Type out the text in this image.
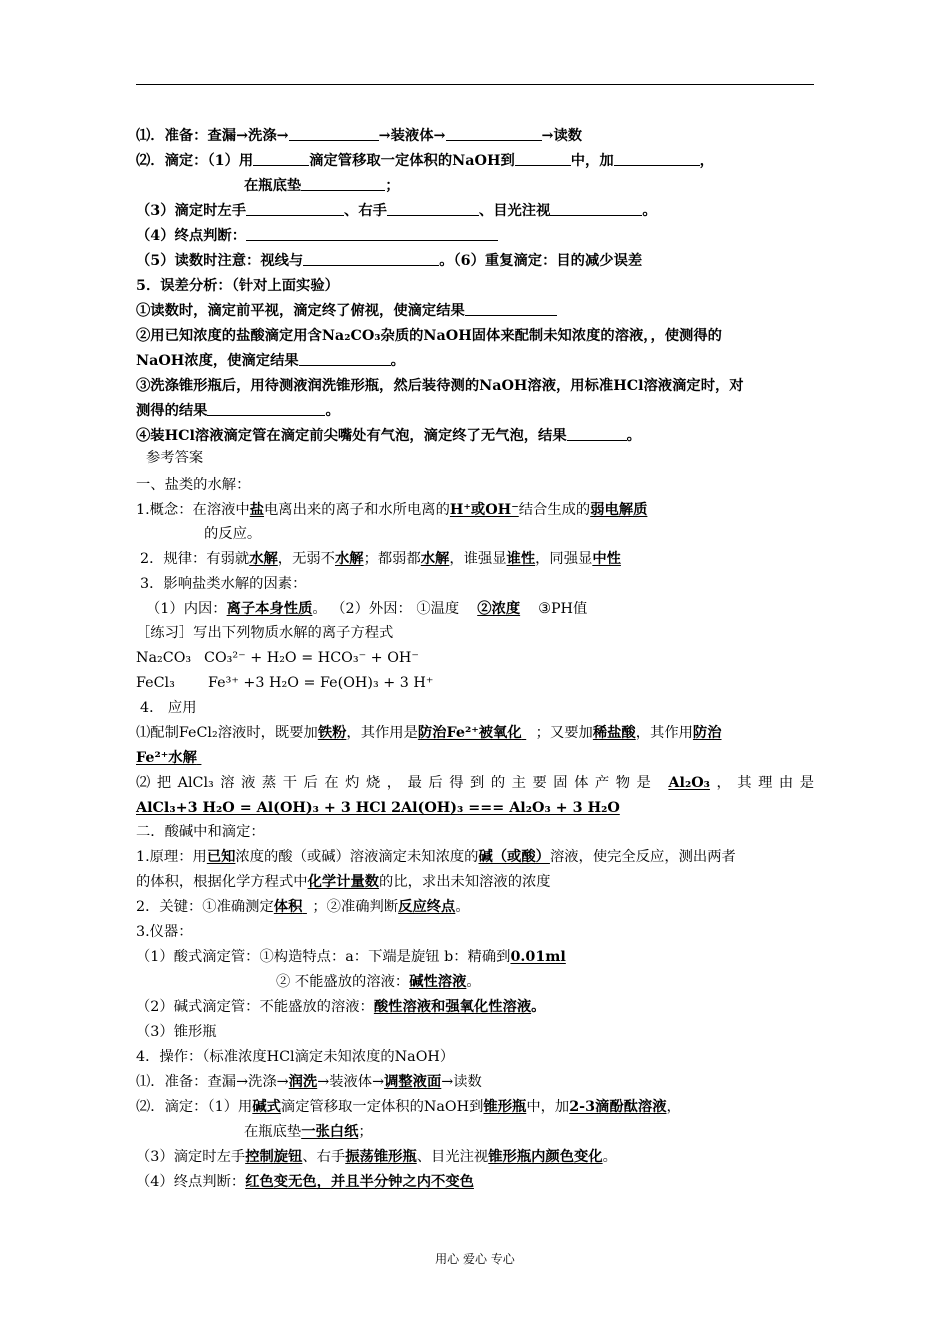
⑴．准备：查漏→洗涤→	→装液体→	→读数
⑵．滴定：（1）用	滴定管移取一定体积的NaOH到	中，加	，
在瓶底垫	；
（3）滴定时左手	、右手	、目光注视	。
（4）终点判断：
（5）读数时注意：视线与	。（6）重复滴定：目的减少误差
5．误差分析：（针对上面实验）
①读数时，滴定前平视，滴定终了俯视，使滴定结果
②用已知浓度的盐酸滴定用含Na₂CO₃杂质的NaOH固体来配制未知浓度的溶液，，使测得的
NaOH浓度，使滴定结果	。
③洗涤锥形瓶后，用待测液润洗锥形瓶，然后装待测的NaOH溶液，用标准HCl溶液滴定时，对
测得的结果	。
④装HCl溶液滴定管在滴定前尖嘴处有气泡，滴定终了无气泡，结果	。
参考答案
一、盐类的水解：
1.概念：在溶液中盐电离出来的离子和水所电离的H⁺或OH⁻结合生成的弱电解质
的反应。
2．规律：有弱就水解，无弱不水解；都弱都水解，谁强显谁性，同强显中性
3．影响盐类水解的因素：
（1）内因：离子本身性质。 （2）外因： ①温度 ②浓度 ③PH值
［练习］写出下列物质水解的离子方程式
Na₂CO₃ CO₃²⁻ + H₂O = HCO₃⁻ + OH⁻
FeCl₃ Fe³⁺ +3 H₂O = Fe(OH)₃ + 3 H⁺
4． 应用
⑴配制FeCl₂溶液时，既要加铁粉，其作用是防治Fe²⁺被氧化 ；又要加稀盐酸，其作用防治
Fe²⁺水解
⑵把AlCl₃溶液蒸干后在灼烧，最后得到的主要固体产物是 Al₂O₃，其理由是
AlCl₃+3 H₂O = Al(OH)₃ + 3 HCl 2Al(OH)₃ === Al₂O₃ + 3 H₂O
二．酸碱中和滴定：
1.原理：用已知浓度的酸（或碱）溶液滴定未知浓度的碱（或酸）溶液，使完全反应，测出两者
的体积，根据化学方程式中化学计量数的比，求出未知溶液的浓度
2．关键：①准确测定体积 ；②准确判断反应终点。
3.仪器：
（1）酸式滴定管：①构造特点：a：下端是旋钮 b：精确到0.01ml
② 不能盛放的溶液：碱性溶液。
（2）碱式滴定管：不能盛放的溶液：酸性溶液和强氧化性溶液。
（3）锥形瓶
4．操作：（标准浓度HCl滴定未知浓度的NaOH）
⑴．准备：查漏→洗涤→润洗→装液体→调整液面→读数
⑵．滴定：（1）用碱式滴定管移取一定体积的NaOH到锥形瓶中，加2-3滴酚酞溶液，
在瓶底垫一张白纸；
（3）滴定时左手控制旋钮、右手振荡锥形瓶、目光注视锥形瓶内颜色变化。
（4）终点判断：红色变无色，并且半分钟之内不变色
用心 爱心 专心
